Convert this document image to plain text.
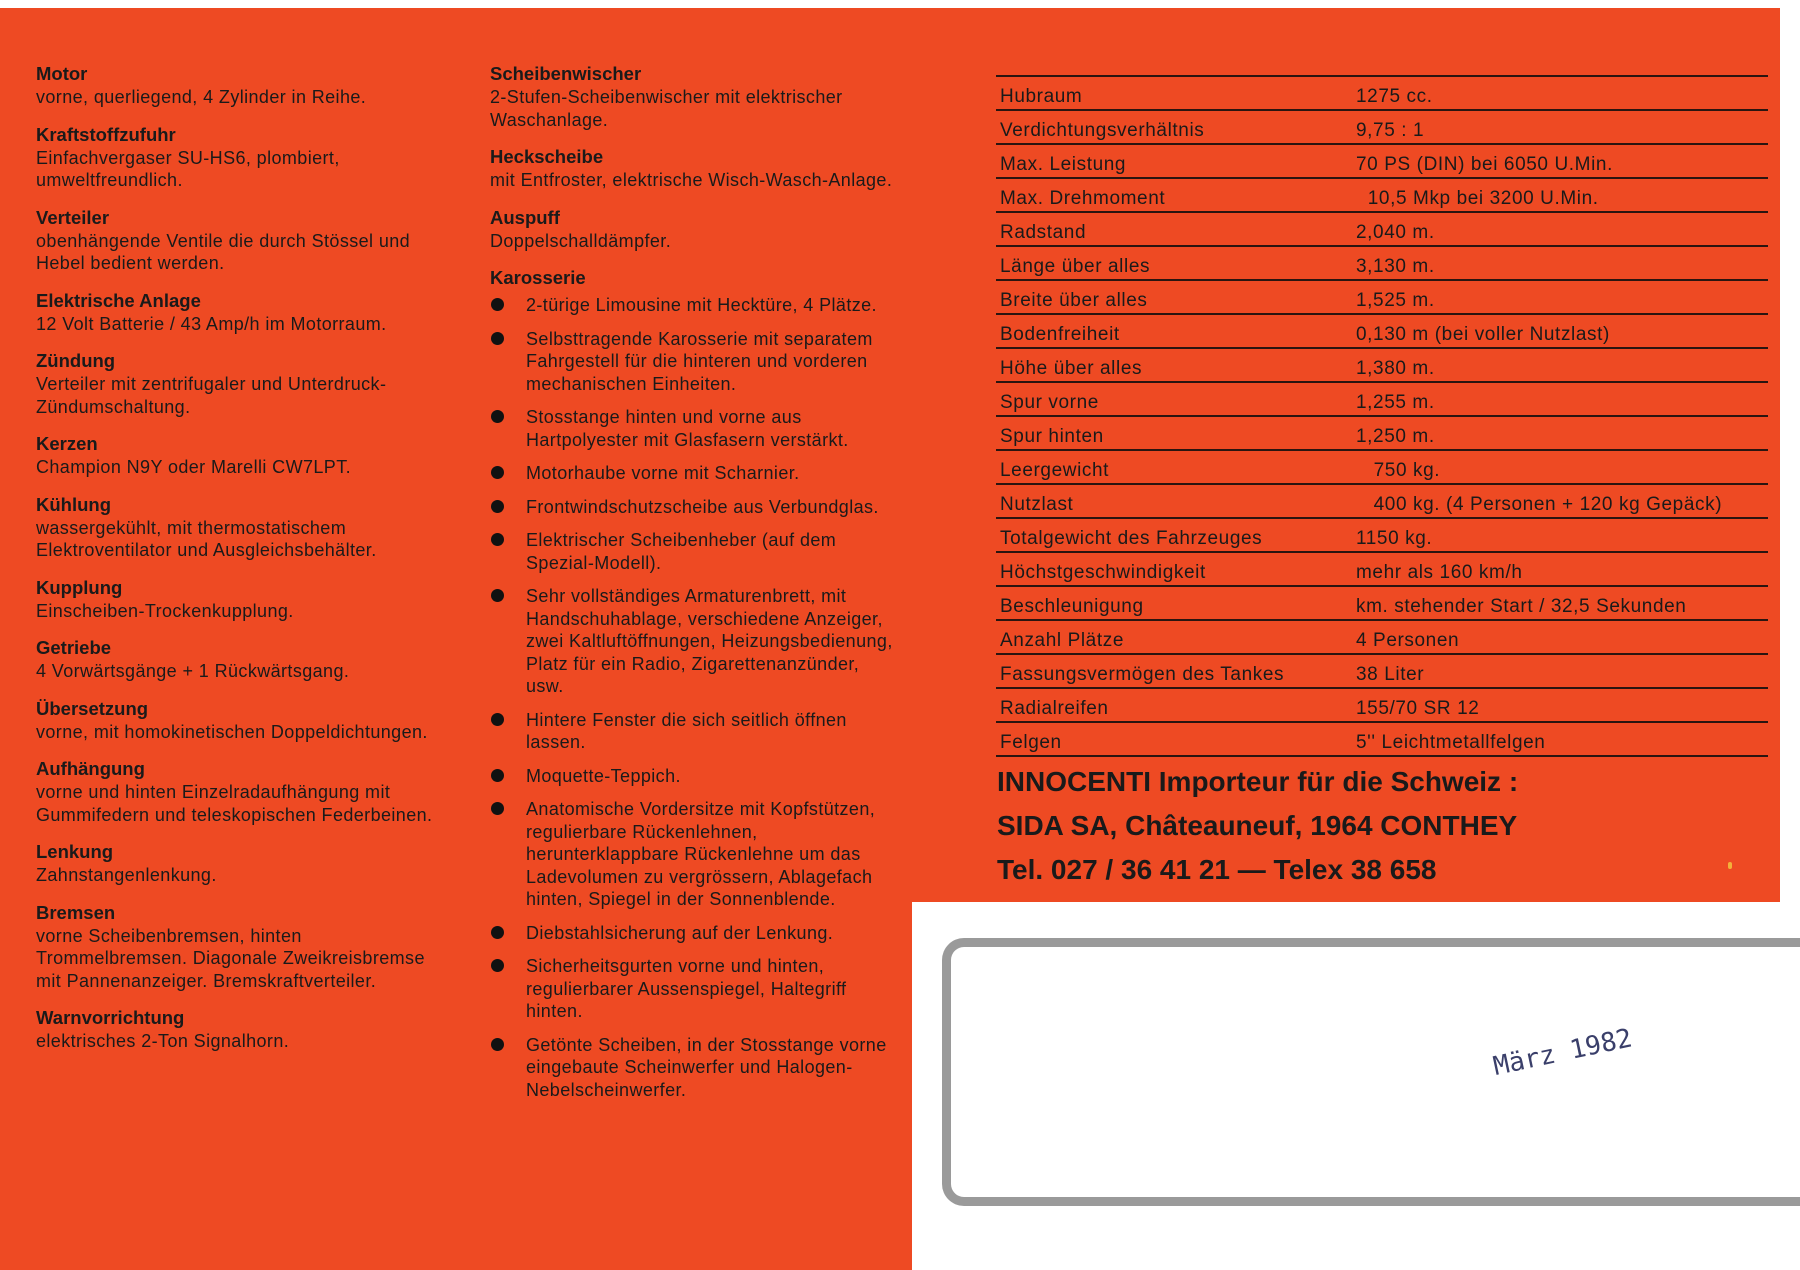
Motor
vorne, querliegend, 4 Zylinder in Reihe.
Kraftstoffzufuhr
Einfachvergaser SU-HS6, plombiert, umweltfreundlich.
Verteiler
obenhängende Ventile die durch Stössel und Hebel bedient werden.
Elektrische Anlage
12 Volt Batterie / 43 Amp/h im Motorraum.
Zündung
Verteiler mit zentrifugaler und Unterdruck-Zündumschaltung.
Kerzen
Champion N9Y oder Marelli CW7LPT.
Kühlung
wassergekühlt, mit thermostatischem Elektroventilator und Ausgleichsbehälter.
Kupplung
Einscheiben-Trockenkupplung.
Getriebe
4 Vorwärtsgänge + 1 Rückwärtsgang.
Übersetzung
vorne, mit homokinetischen Doppeldichtungen.
Aufhängung
vorne und hinten Einzelradaufhängung mit Gummifedern und teleskopischen Federbeinen.
Lenkung
Zahnstangenlenkung.
Bremsen
vorne Scheibenbremsen, hinten Trommelbremsen. Diagonale Zweikreisbremse mit Pannenanzeiger. Bremskraftverteiler.
Warnvorrichtung
elektrisches 2-Ton Signalhorn.
Scheibenwischer
2-Stufen-Scheibenwischer mit elektrischer Waschanlage.
Heckscheibe
mit Entfroster, elektrische Wisch-Wasch-Anlage.
Auspuff
Doppelschalldämpfer.
Karosserie
2-türige Limousine mit Hecktüre, 4 Plätze.
Selbsttragende Karosserie mit separatem Fahrgestell für die hinteren und vorderen mechanischen Einheiten.
Stosstange hinten und vorne aus Hartpolyester mit Glasfasern verstärkt.
Motorhaube vorne mit Scharnier.
Frontwindschutzscheibe aus Verbundglas.
Elektrischer Scheibenheber (auf dem Spezial-Modell).
Sehr vollständiges Armaturenbrett, mit Handschuhablage, verschiedene Anzeiger, zwei Kaltluftöffnungen, Heizungsbedienung, Platz für ein Radio, Zigarettenanzünder, usw.
Hintere Fenster die sich seitlich öffnen lassen.
Moquette-Teppich.
Anatomische Vordersitze mit Kopfstützen, regulierbare Rückenlehnen, herunterklappbare Rückenlehne um das Ladevolumen zu vergrössern, Ablagefach hinten, Spiegel in der Sonnenblende.
Diebstahlsicherung auf der Lenkung.
Sicherheitsgurten vorne und hinten, regulierbarer Aussenspiegel, Haltegriff hinten.
Getönte Scheiben, in der Stosstange vorne eingebaute Scheinwerfer und Halogen-Nebelscheinwerfer.
Hubraum	1275 cc.
Verdichtungsverhältnis	9,75 : 1
Max. Leistung	70 PS (DIN) bei 6050 U.Min.
Max. Drehmoment	10,5 Mkp bei 3200 U.Min.
Radstand	2,040 m.
Länge über alles	3,130 m.
Breite über alles	1,525 m.
Bodenfreiheit	0,130 m (bei voller Nutzlast)
Höhe über alles	1,380 m.
Spur vorne	1,255 m.
Spur hinten	1,250 m.
Leergewicht	750 kg.
Nutzlast	400 kg. (4 Personen + 120 kg Gepäck)
Totalgewicht des Fahrzeuges	1150 kg.
Höchstgeschwindigkeit	mehr als 160 km/h
Beschleunigung	km. stehender Start / 32,5 Sekunden
Anzahl Plätze	4 Personen
Fassungsvermögen des Tankes	38 Liter
Radialreifen	155/70 SR 12
Felgen	5'' Leichtmetallfelgen
INNOCENTI Importeur für die Schweiz :
SIDA SA, Châteauneuf, 1964 CONTHEY
Tel. 027 / 36 41 21 — Telex 38 658
März 1982
